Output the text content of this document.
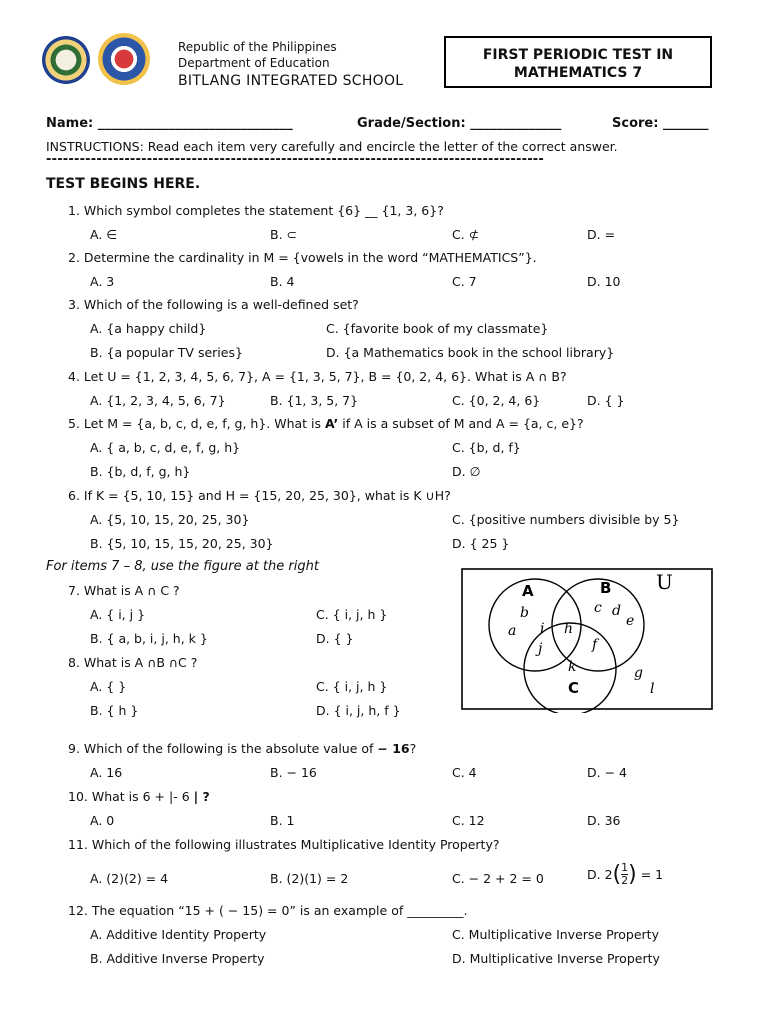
Republic of the Philippines
Department of Education
BITLANG INTEGRATED SCHOOL
FIRST PERIODIC TEST IN
MATHEMATICS 7
Name: ______________________________	Grade/Section: ______________	Score: _______
INSTRUCTIONS: Read each item very carefully and encircle the letter of the correct answer.
-----------------------------------------------------------------------------------------
TEST BEGINS HERE.
1. Which symbol completes the statement {6} __ {1, 3, 6}?
A. ∈	B. ⊂	C. ⊄	D. =
2. Determine the cardinality in M = {vowels in the word “MATHEMATICS”}.
A. 3	B. 4	C. 7	D. 10
3. Which of the following is a well-defined set?
A. {a happy child}	C. {favorite book of my classmate}
B. {a popular TV series}	D. {a Mathematics book in the school library}
4. Let U = {1, 2, 3, 4, 5, 6, 7}, A = {1, 3, 5, 7}, B = {0, 2, 4, 6}. What is A ∩ B?
A. {1, 2, 3, 4, 5, 6, 7}	B. {1, 3, 5, 7}	C. {0, 2, 4, 6}	D. { }
5. Let M = {a, b, c, d, e, f, g, h}. What is A’ if A is a subset of M and A = {a, c, e}?
A. { a, b, c, d, e, f, g, h}	C. {b, d, f}
B. {b, d, f, g, h}	D. ∅
6. If K = {5, 10, 15} and H = {15, 20, 25, 30}, what is K ∪H?
A. {5, 10, 15, 20, 25, 30}	C. {positive numbers divisible by 5}
B. {5, 10, 15, 15, 20, 25, 30}	D. { 25 }
For items 7 – 8, use the figure at the right
7. What is A ∩ C ?
A. { i, j }	C. { i, j, h }
B. { a, b, i, j, h, k }	D. { }
8. What is A ∩B ∩C ?
A. { }	C. { i, j, h }
B. { h }	D. { i, j, h, f }
U
A	B
C
b
a i
j
h
c d
e
f
k	g
l
9. Which of the following is the absolute value of − 16?
A. 16	B. − 16	C. 4	D. − 4
10. What is 6 + |- 6 | ?
A. 0	B. 1	C. 12	D. 36
11. Which of the following illustrates Multiplicative Identity Property?
A. (2)(2) = 4	B. (2)(1) = 2	C. − 2 + 2 = 0	D. $2( \frac{1}{2}$ ) = 1
12. The equation “15 + ( − 15) = 0” is an example of _________.
A. Additive Identity Property	C. Multiplicative Inverse Property
B. Additive Inverse Property	D. Multiplicative Inverse Property
